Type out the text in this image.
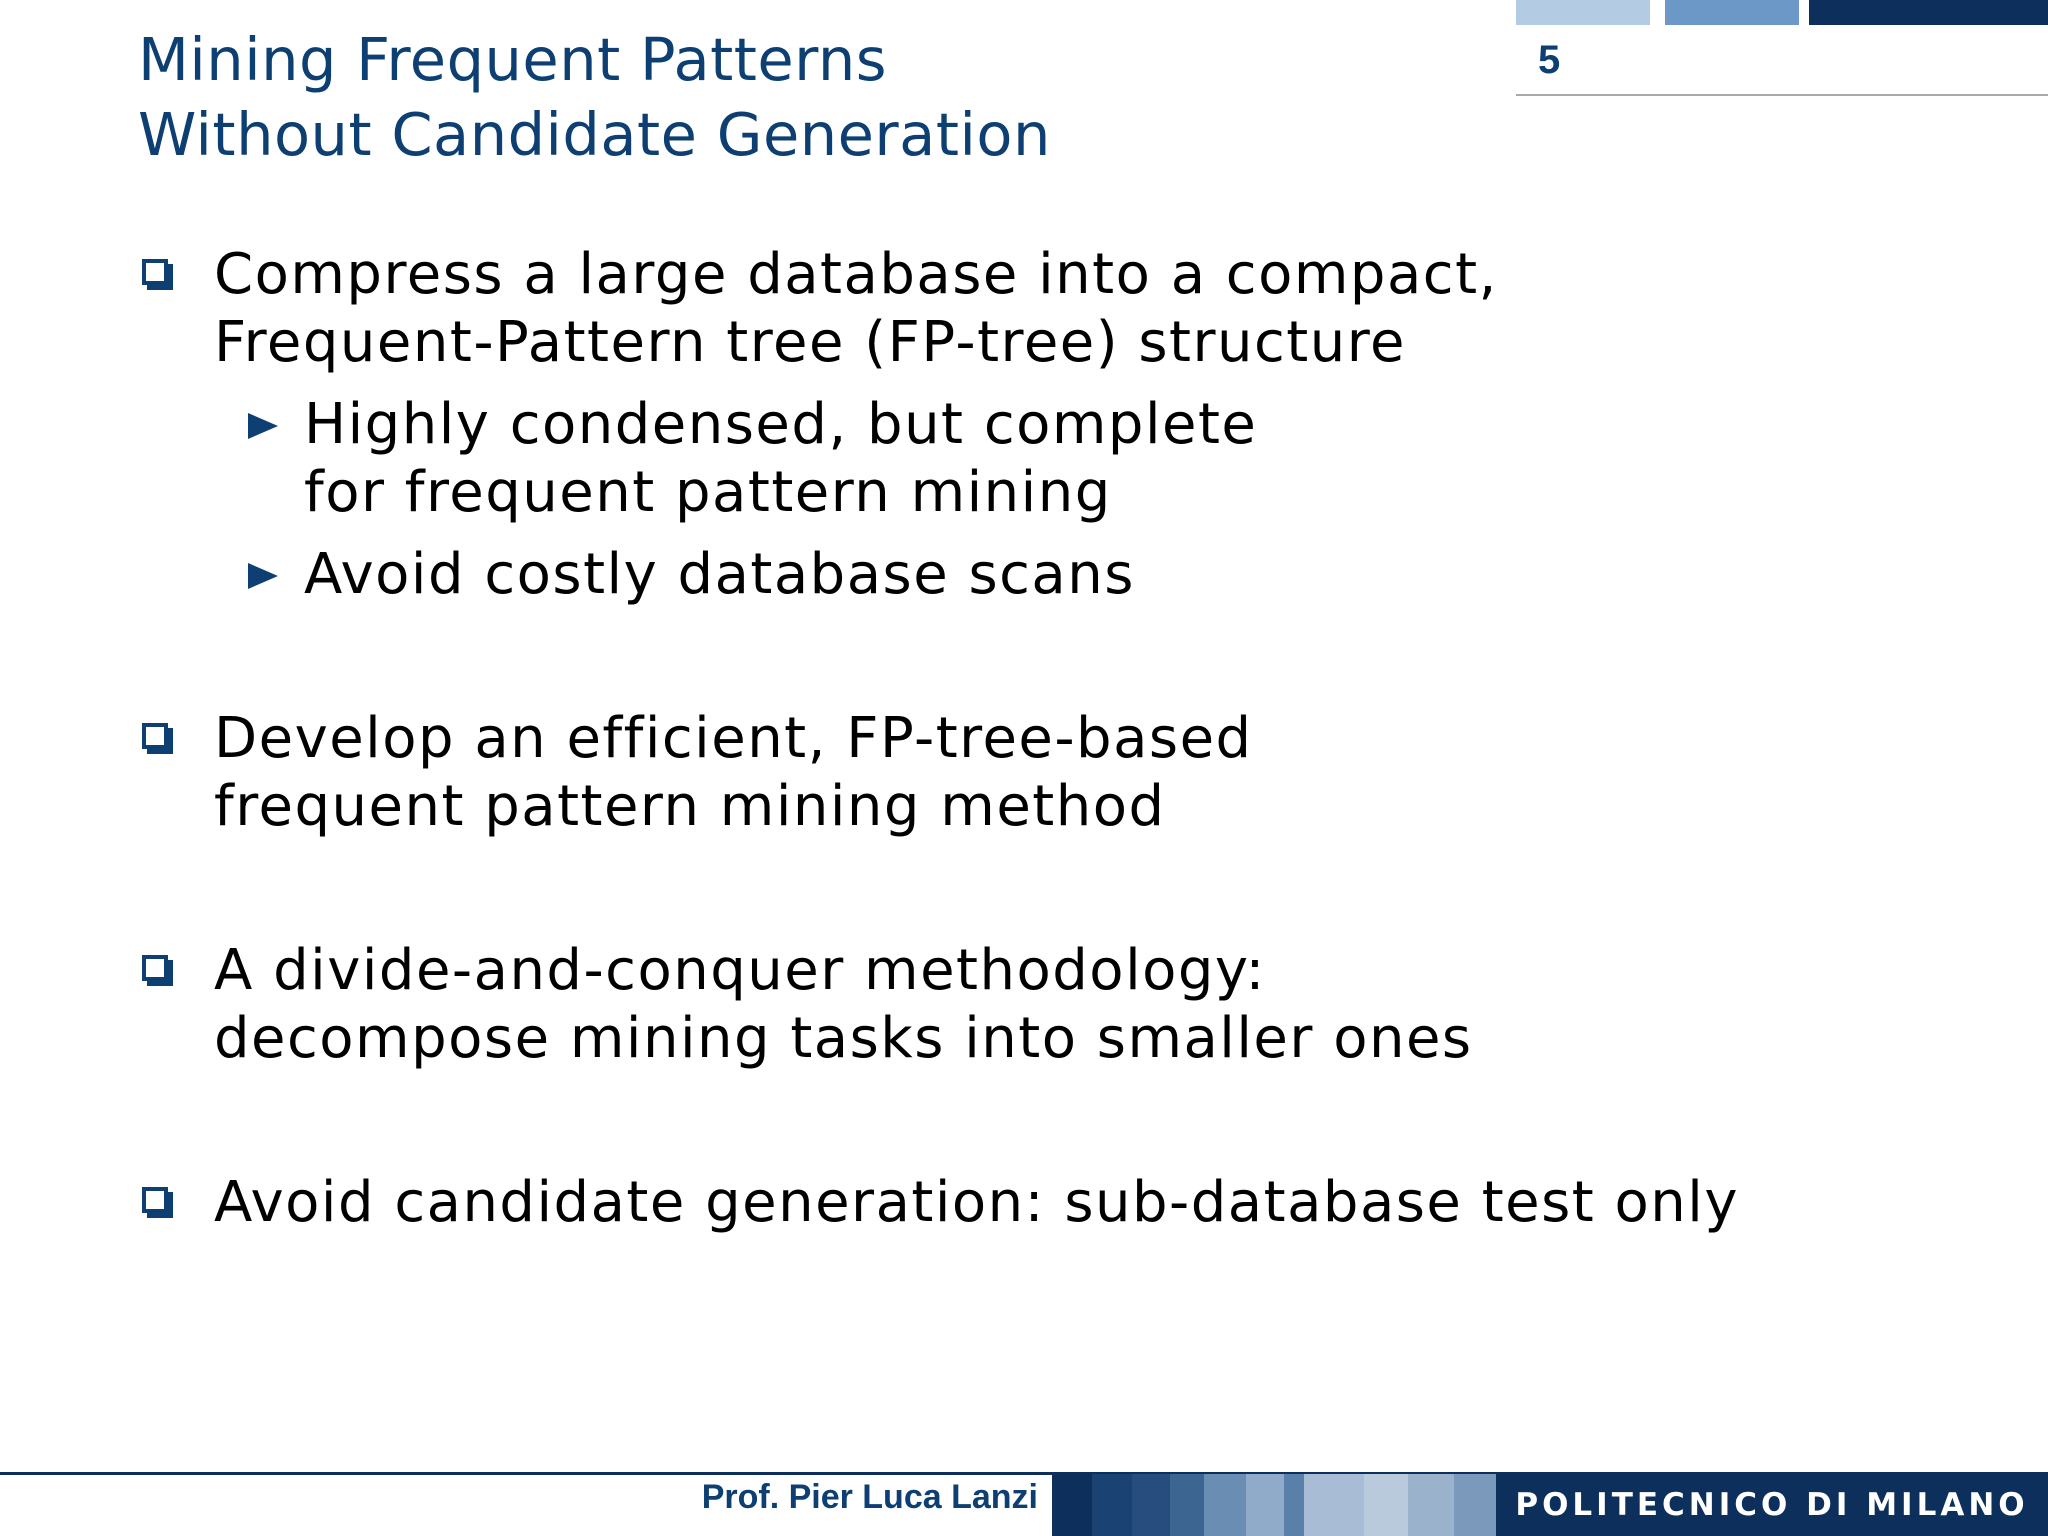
Mining Frequent Patterns
Without Candidate Generation
5
Compress a large database into a compact,
Frequent-Pattern tree (FP-tree) structure
Highly condensed, but complete
for frequent pattern mining
Avoid costly database scans
Develop an efficient, FP-tree-based
frequent pattern mining method
A divide-and-conquer methodology:
decompose mining tasks into smaller ones
Avoid candidate generation: sub-database test only
Prof. Pier Luca Lanzi	POLITECNICO DI MILANO
